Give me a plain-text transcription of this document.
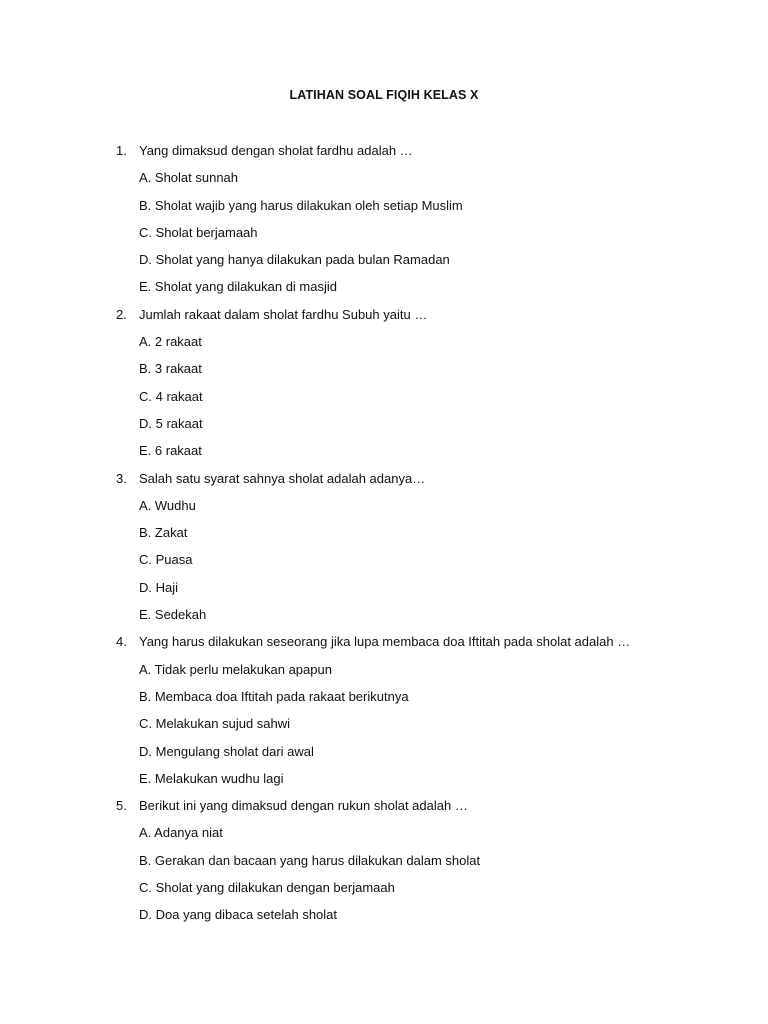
LATIHAN SOAL FIQIH KELAS X
1. Yang dimaksud dengan sholat fardhu adalah …
A. Sholat sunnah
B. Sholat wajib yang harus dilakukan oleh setiap Muslim
C. Sholat berjamaah
D. Sholat yang hanya dilakukan pada bulan Ramadan
E. Sholat yang dilakukan di masjid
2. Jumlah rakaat dalam sholat fardhu Subuh yaitu …
A. 2 rakaat
B. 3 rakaat
C. 4 rakaat
D. 5 rakaat
E. 6 rakaat
3. Salah satu syarat sahnya sholat adalah adanya…
A. Wudhu
B. Zakat
C. Puasa
D. Haji
E. Sedekah
4. Yang harus dilakukan seseorang jika lupa membaca doa Iftitah pada sholat adalah …
A. Tidak perlu melakukan apapun
B. Membaca doa Iftitah pada rakaat berikutnya
C. Melakukan sujud sahwi
D. Mengulang sholat dari awal
E. Melakukan wudhu lagi
5. Berikut ini yang dimaksud dengan rukun sholat adalah …
A. Adanya niat
B. Gerakan dan bacaan yang harus dilakukan dalam sholat
C. Sholat yang dilakukan dengan berjamaah
D. Doa yang dibaca setelah sholat
